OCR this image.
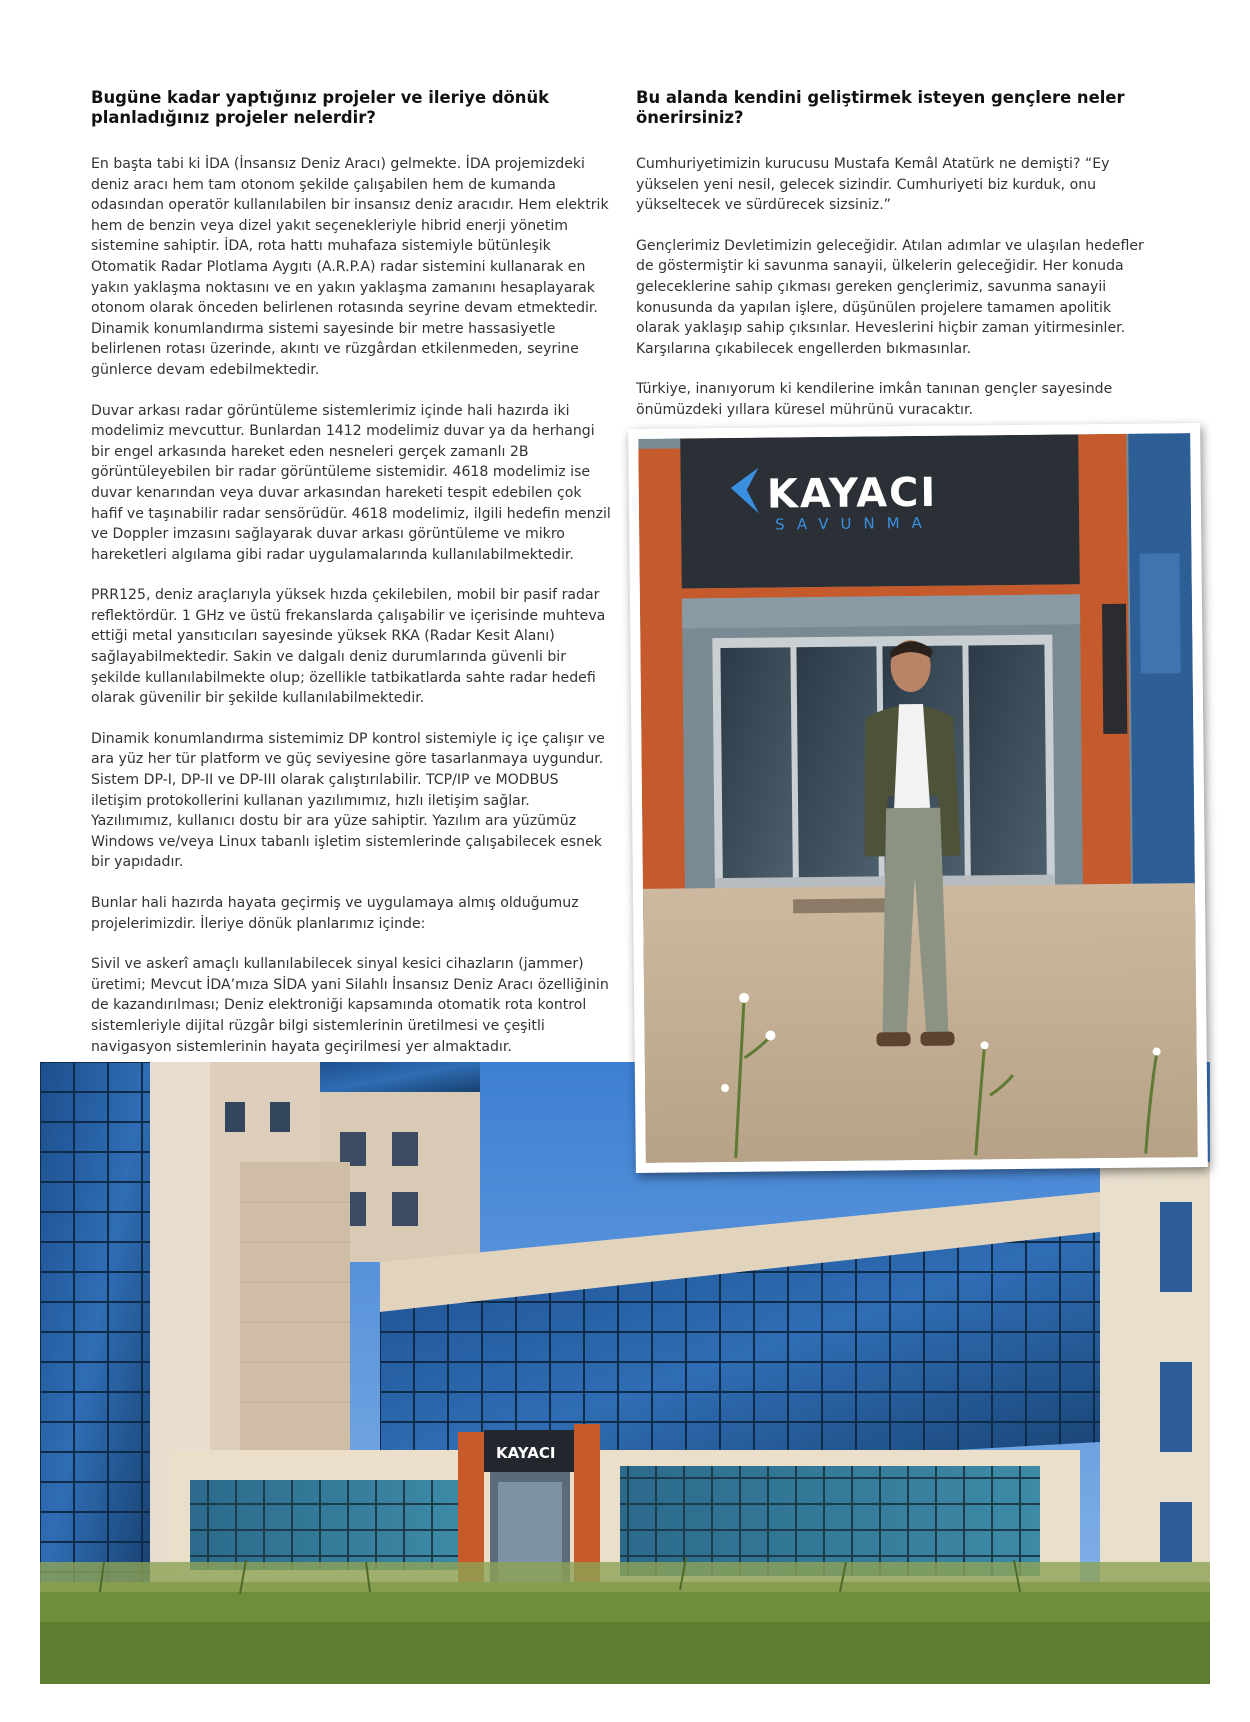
Bugüne kadar yaptığınız projeler ve ileriye dönük planladığınız projeler nelerdir?

En başta tabi ki İDA (İnsansız Deniz Aracı) gelmekte. İDA projemizdeki deniz aracı hem tam otonom şekilde çalışabilen hem de kumanda odasından operatör kullanılabilen bir insansız deniz aracıdır. Hem elektrik hem de benzin veya dizel yakıt seçenekleriyle hibrid enerji yönetim sistemine sahiptir. İDA, rota hattı muhafaza sistemiyle bütünleşik Otomatik Radar Plotlama Aygıtı (A.R.P.A) radar sistemini kullanarak en yakın yaklaşma noktasını ve en yakın yaklaşma zamanını hesaplayarak otonom olarak önceden belirlenen rotasında seyrine devam etmektedir. Dinamik konumlandırma sistemi sayesinde bir metre hassasiyetle belirlenen rotası üzerinde, akıntı ve rüzgârdan etkilenmeden, seyrine günlerce devam edebilmektedir.

Duvar arkası radar görüntüleme sistemlerimiz içinde hali hazırda iki modelimiz mevcuttur. Bunlardan 1412 modelimiz duvar ya da herhangi bir engel arkasında hareket eden nesneleri gerçek zamanlı 2B görüntüleyebilen bir radar görüntüleme sistemidir. 4618 modelimiz ise duvar kenarından veya duvar arkasından hareketi tespit edebilen çok hafif ve taşınabilir radar sensörüdür. 4618 modelimiz, ilgili hedefin menzil ve Doppler imzasını sağlayarak duvar arkası görüntüleme ve mikro hareketleri algılama gibi radar uygulamalarında kullanılabilmektedir.

PRR125, deniz araçlarıyla yüksek hızda çekilebilen, mobil bir pasif radar reflektördür. 1 GHz ve üstü frekanslarda çalışabilir ve içerisinde muhteva ettiği metal yansıtıcıları sayesinde yüksek RKA (Radar Kesit Alanı) sağlayabilmektedir. Sakin ve dalgalı deniz durumlarında güvenli bir şekilde kullanılabilmekte olup; özellikle tatbikatlarda sahte radar hedefi olarak güvenilir bir şekilde kullanılabilmektedir.

Dinamik konumlandırma sistemimiz DP kontrol sistemiyle iç içe çalışır ve ara yüz her tür platform ve güç seviyesine göre tasarlanmaya uygundur. Sistem DP-I, DP-II ve DP-III olarak çalıştırılabilir. TCP/IP ve MODBUS iletişim protokollerini kullanan yazılımımız, hızlı iletişim sağlar. Yazılımımız, kullanıcı dostu bir ara yüze sahiptir. Yazılım ara yüzümüz Windows ve/veya Linux tabanlı işletim sistemlerinde çalışabilecek esnek bir yapıdadır.

Bunlar hali hazırda hayata geçirmiş ve uygulamaya almış olduğumuz projelerimizdir. İleriye dönük planlarımız içinde:

Sivil ve askerî amaçlı kullanılabilecek sinyal kesici cihazların (jammer) üretimi; Mevcut İDA’mıza SİDA yani Silahlı İnsansız Deniz Aracı özelliğinin de kazandırılması; Deniz elektroniği kapsamında otomatik rota kontrol sistemleriyle dijital rüzgâr bilgi sistemlerinin üretilmesi ve çeşitli navigasyon sistemlerinin hayata geçirilmesi yer almaktadır.

Bu alanda kendini geliştirmek isteyen gençlere neler önerirsiniz?

Cumhuriyetimizin kurucusu Mustafa Kemâl Atatürk ne demişti? “Ey yükselen yeni nesil, gelecek sizindir. Cumhuriyeti biz kurduk, onu yükseltecek ve sürdürecek sizsiniz.”

Gençlerimiz Devletimizin geleceğidir. Atılan adımlar ve ulaşılan hedefler de göstermiştir ki savunma sanayii, ülkelerin geleceğidir. Her konuda geleceklerine sahip çıkması gereken gençlerimiz, savunma sanayii konusunda da yapılan işlere, düşünülen projelere tamamen apolitik olarak yaklaşıp sahip çıksınlar. Heveslerini hiçbir zaman yitirmesinler. Karşılarına çıkabilecek engellerden bıkmasınlar.

Türkiye, inanıyorum ki kendilerine imkân tanınan gençler sayesinde önümüzdeki yıllara küresel mührünü vuracaktır.

KAYACI
KAYACI
SAVUNMA
zirvedekiler.kim | 49
